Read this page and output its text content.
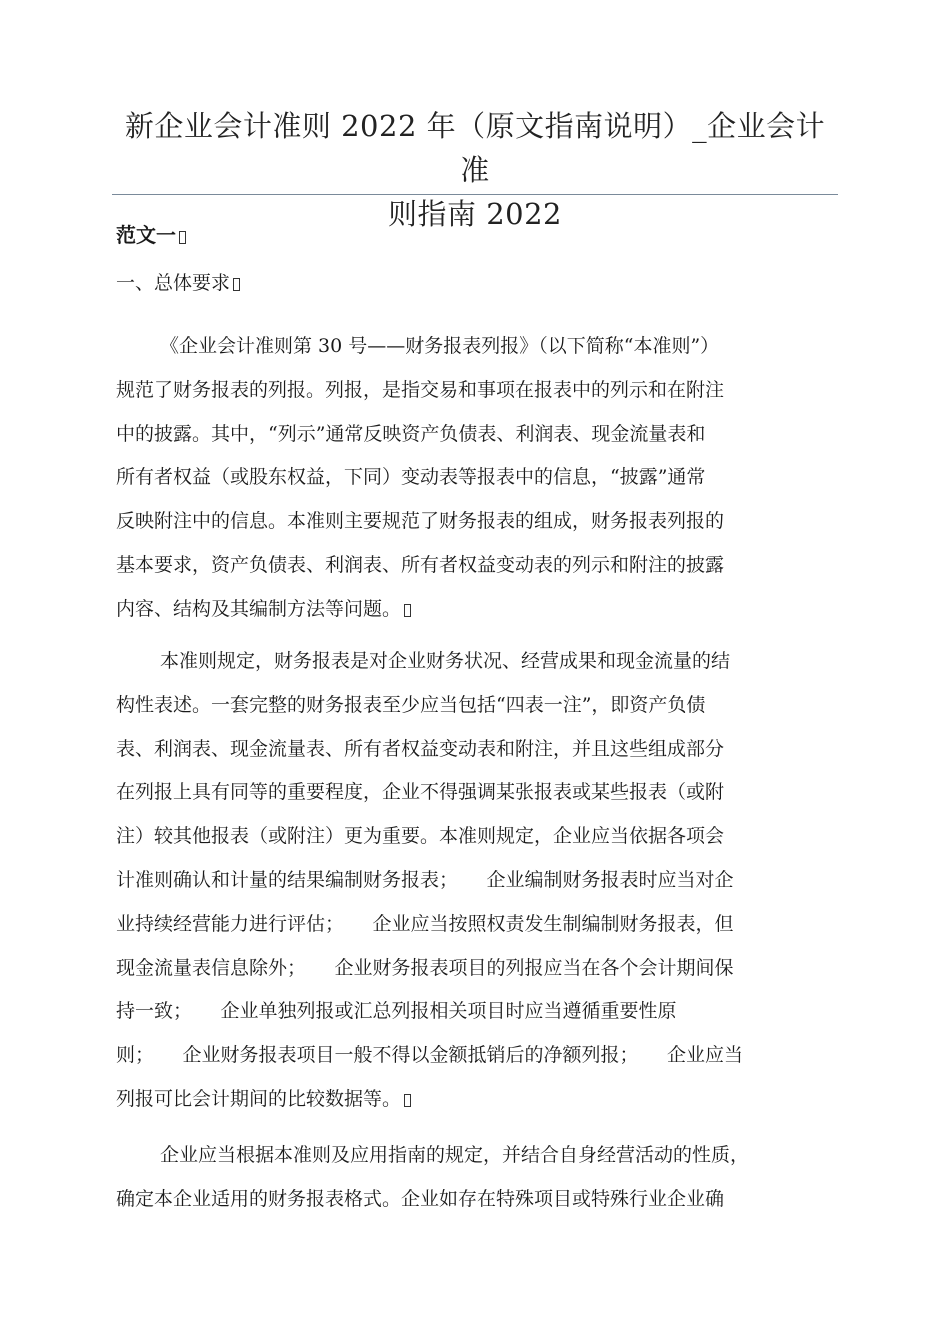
新企业会计准则 2022 年（原文指南说明）_企业会计准
则指南 2022
范文一
一、总体要求
《企业会计准则第 30 号——财务报表列报》（以下简称“本准则”）
规范了财务报表的列报。列报，是指交易和事项在报表中的列示和在附注
中的披露。其中，“列示”通常反映资产负债表、利润表、现金流量表和
所有者权益（或股东权益，下同）变动表等报表中的信息，“披露”通常
反映附注中的信息。本准则主要规范了财务报表的组成，财务报表列报的
基本要求，资产负债表、利润表、所有者权益变动表的列示和附注的披露
内容、结构及其编制方法等问题。
本准则规定，财务报表是对企业财务状况、经营成果和现金流量的结
构性表述。一套完整的财务报表至少应当包括“四表一注”，即资产负债
表、利润表、现金流量表、所有者权益变动表和附注，并且这些组成部分
在列报上具有同等的重要程度，企业不得强调某张报表或某些报表（或附
注）较其他报表（或附注）更为重要。本准则规定，企业应当依据各项会
计准则确认和计量的结果编制财务报表；　　企业编制财务报表时应当对企
业持续经营能力进行评估；　　企业应当按照权责发生制编制财务报表，但
现金流量表信息除外；　　企业财务报表项目的列报应当在各个会计期间保
持一致；　　企业单独列报或汇总列报相关项目时应当遵循重要性原
则；　　企业财务报表项目一般不得以金额抵销后的净额列报；　　企业应当
列报可比会计期间的比较数据等。
企业应当根据本准则及应用指南的规定，并结合自身经营活动的性质，
确定本企业适用的财务报表格式。企业如存在特殊项目或特殊行业企业确
